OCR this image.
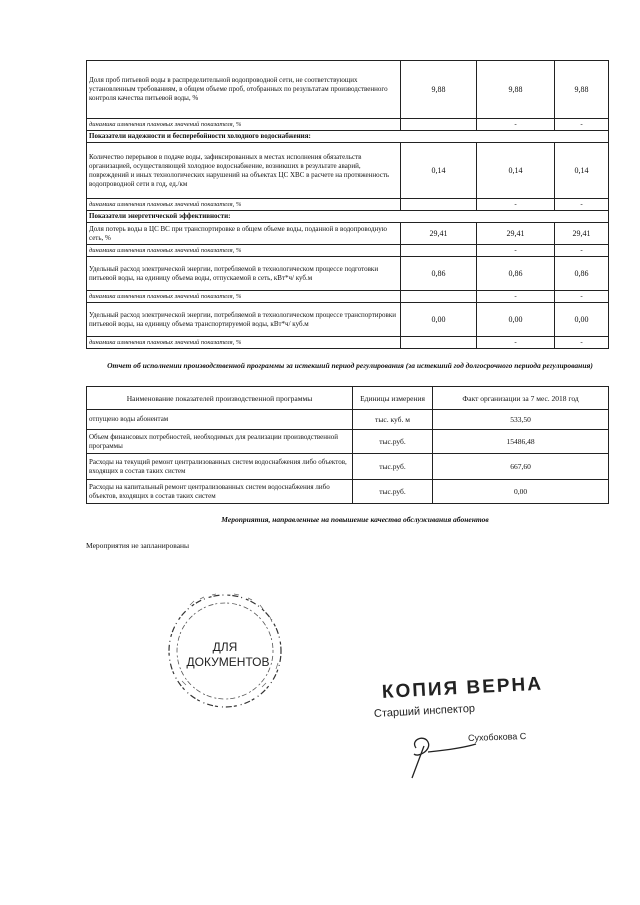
Доля проб питьевой воды в распределительной водопроводной сети, не соответствующих установленным требованиям, в общем объеме проб, отобранных по результатам производственного контроля качества питьевой воды, %	9,88	9,88	9,88
динамика изменения плановых значений показателя, %		-	-
Показатели надежности и бесперебойности холодного водоснабжения:			
Количество перерывов в подаче воды, зафиксированных в местах исполнения обязательств организацией, осуществляющей холодное водоснабжение, возникших в результате аварий, повреждений и иных технологических нарушений на объектах ЦС ХВС в расчете на протяженность водопроводной сети в год, ед./км	0,14	0,14	0,14
динамика изменения плановых значений показателя, %		-	-
Показатели энергетической эффективности:			
Доля потерь воды в ЦС ВС при транспортировке в общем объеме воды, поданной в водопроводную сеть, %	29,41	29,41	29,41
динамика изменения плановых значений показателя, %		-	-
Удельный расход электрической энергии, потребляемой в технологическом процессе подготовки питьевой воды, на единицу объема воды, отпускаемой в сеть, кВт*ч/ куб.м	0,86	0,86	0,86
динамика изменения плановых значений показателя, %		-	-
Удельный расход электрической энергии, потребляемой в технологическом процессе транспортировки питьевой воды, на единицу объема транспортируемой воды, кВт*ч/ куб.м	0,00	0,00	0,00
динамика изменения плановых значений показателя, %		-	-
Отчет об исполнении производственной программы за истекший период регулирования (за истекший год долгосрочного периода регулирования)
Наименование показателей производственной программы	Единицы измерения	Факт организации за 7 мес. 2018 год
отпущено воды абонентам	тыс. куб. м	533,50
Объем финансовых потребностей, необходимых для реализации производственной программы	тыс.руб.	15486,48
Расходы на текущий ремонт централизованных систем водоснабжения либо объектов, входящих в состав таких систем	тыс.руб.	667,60
Расходы на капитальный ремонт централизованных систем водоснабжения либо объектов, входящих в состав таких систем	тыс.руб.	0,00
Мероприятия, направленные на повышение качества обслуживания абонентов
Мероприятия не запланированы
ДЛЯ
ДОКУМЕНТОВ
КОПИЯ ВЕРНА
Старший инспектор
Сухобокова С
